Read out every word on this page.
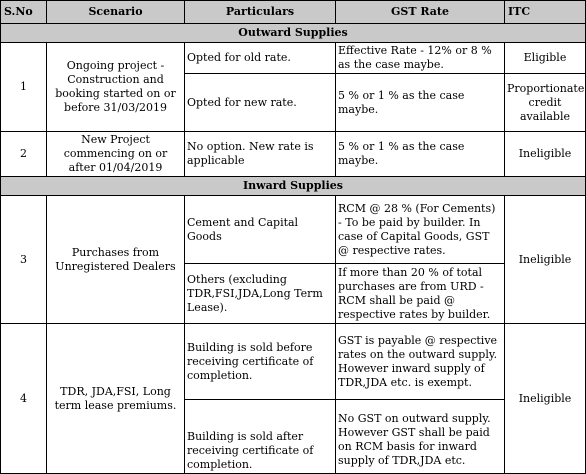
S.No	Scenario	Particulars	GST Rate	ITC
Outward Supplies				
1	Ongoing project - Construction and booking started on or before 31/03/2019	Opted for old rate.	Effective Rate - 12% or 8 % as the case maybe.	Eligible
		Opted for new rate.	5 % or 1 % as the case maybe.	Proportionate credit available
2	New Project commencing on or after 01/04/2019	No option. New rate is applicable	5 % or 1 % as the case maybe.	Ineligible
Inward Supplies				
3	Purchases from Unregistered Dealers	Cement and Capital Goods	RCM @ 28 % (For Cements) - To be paid by builder. In case of Capital Goods, GST @ respective rates.	Ineligible
		Others (excluding TDR,FSI,JDA,Long Term Lease).	If more than 20 % of total purchases are from URD - RCM shall be paid @ respective rates by builder.	
4	TDR, JDA,FSI, Long term lease premiums.	Building is sold before receiving certificate of completion.	GST is payable @ respective rates on the outward supply. However inward supply of TDR,JDA etc. is exempt.	Ineligible
		Building is sold after receiving certificate of completion.	No GST on outward supply. However GST shall be paid on RCM basis for inward supply of TDR,JDA etc.	
